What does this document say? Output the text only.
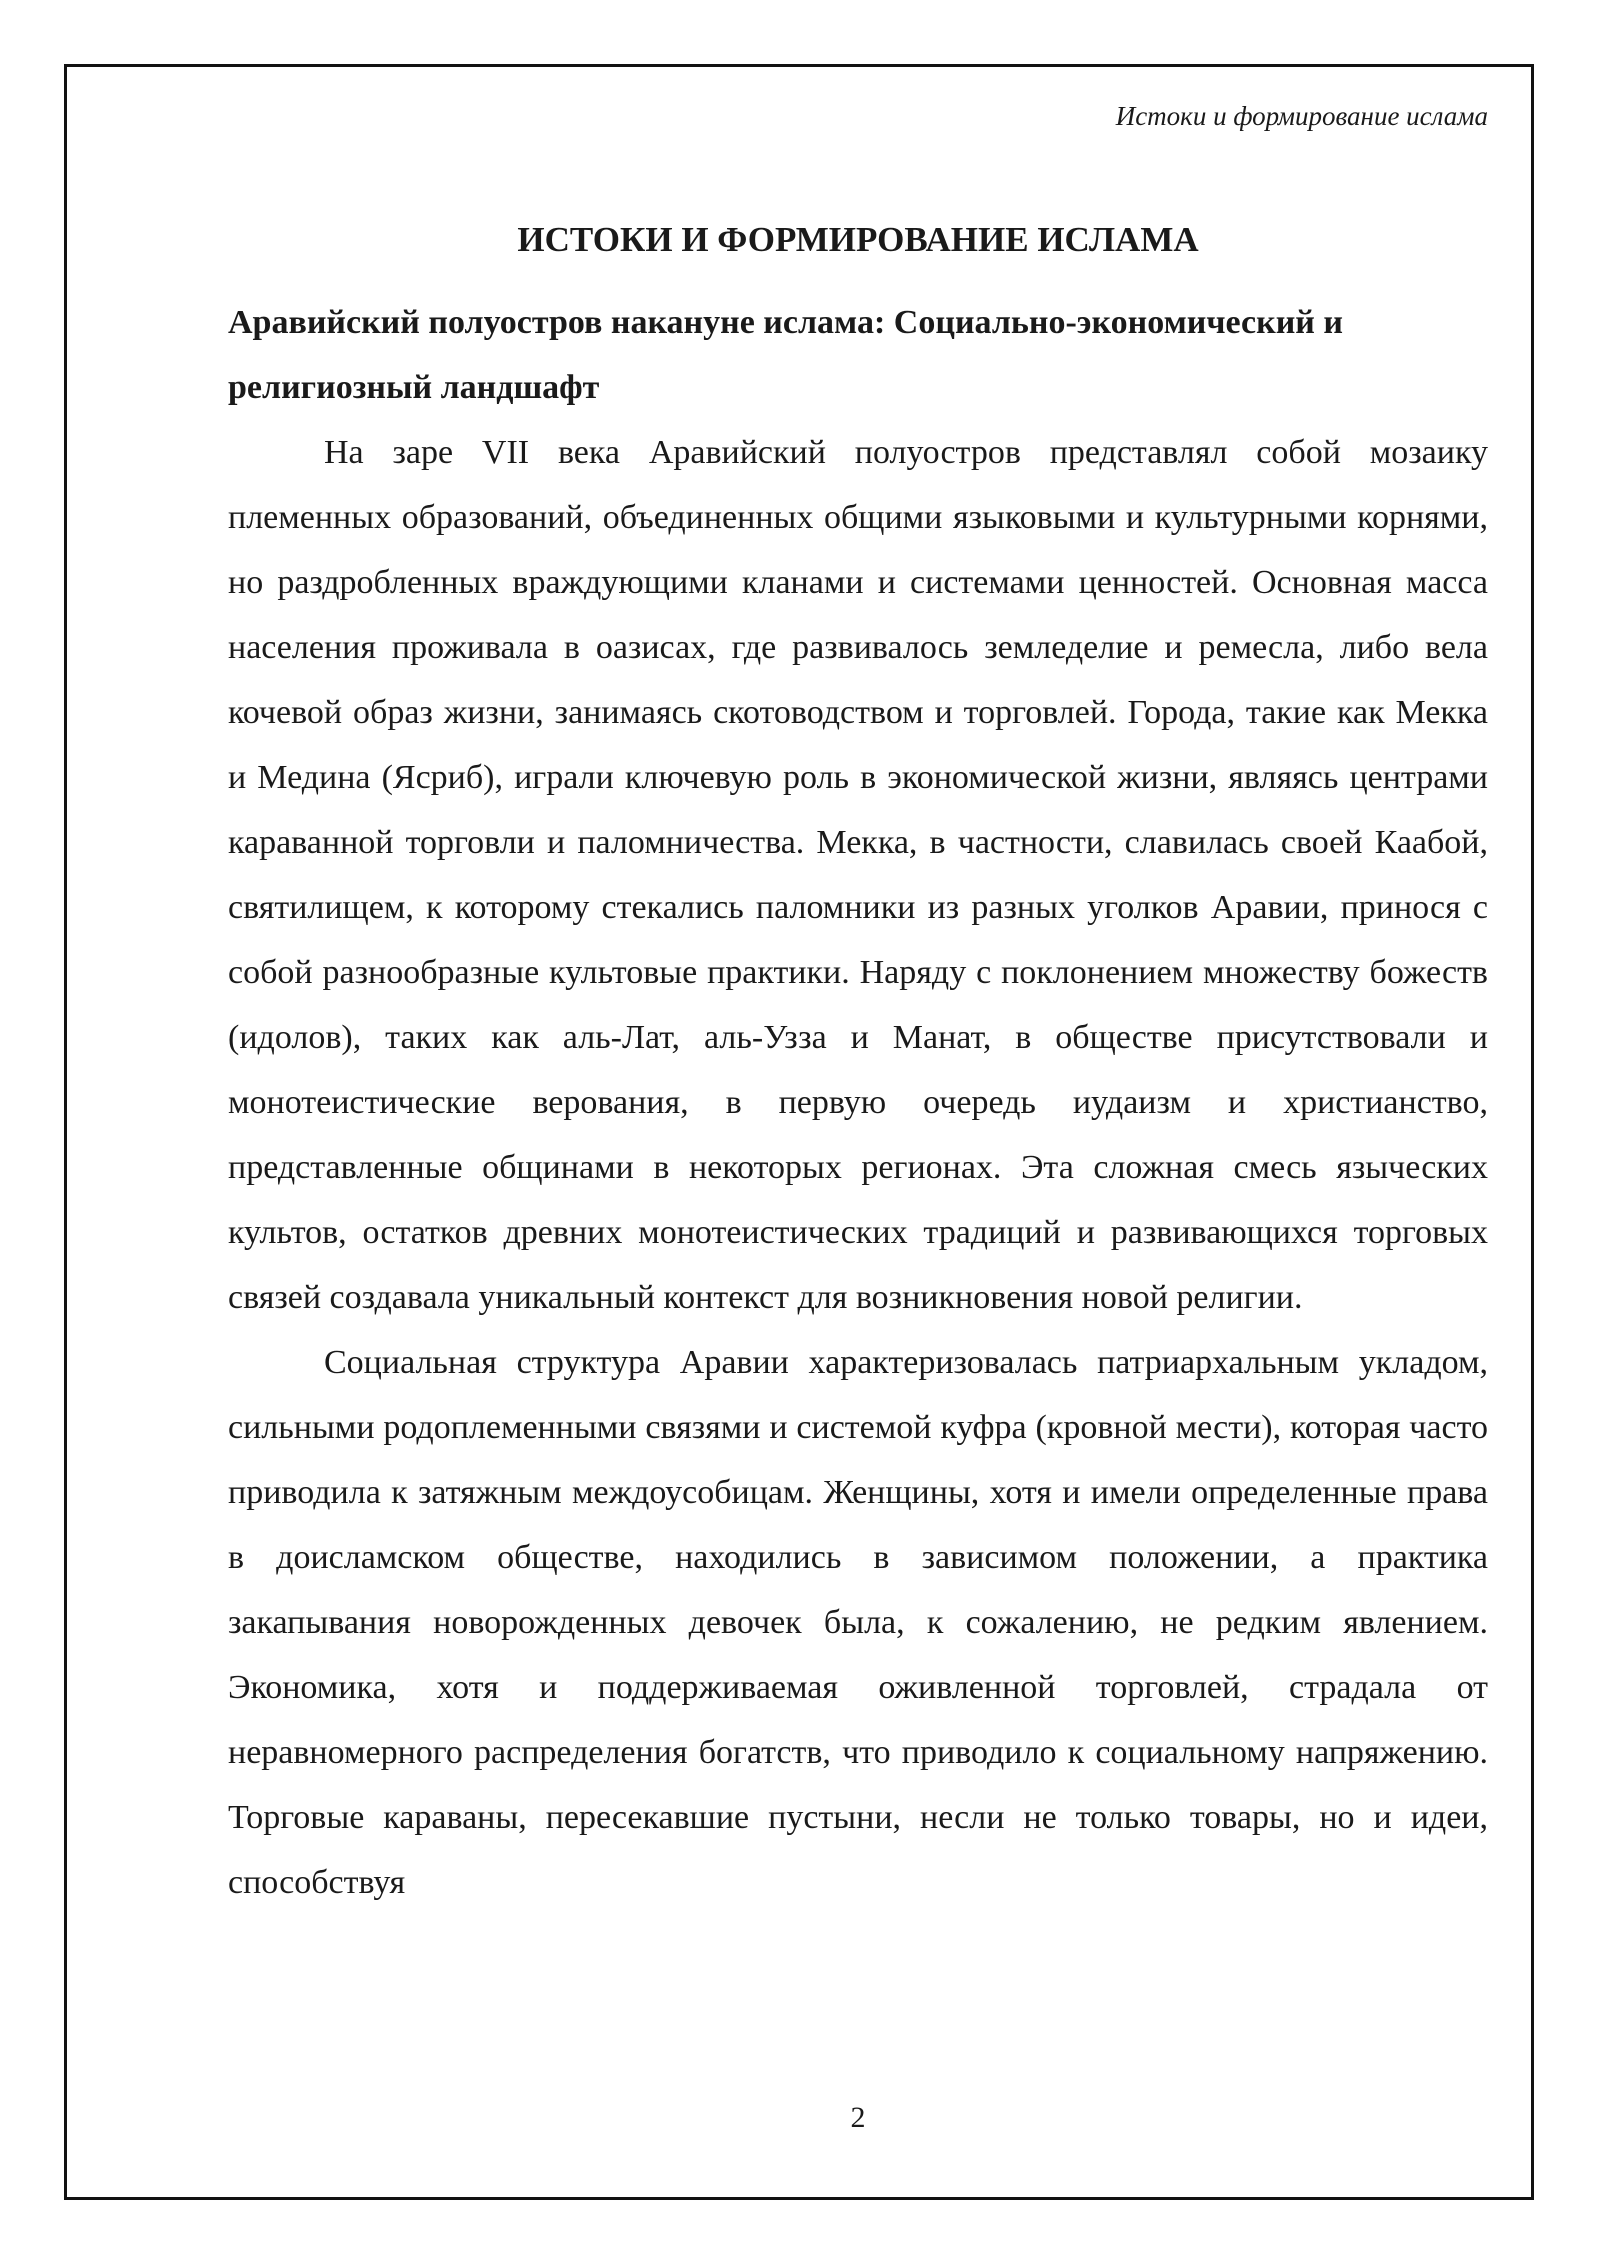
Истоки и формирование ислама
ИСТОКИ И ФОРМИРОВАНИЕ ИСЛАМА
Аравийский полуостров накануне ислама: Социально-экономический и религиозный ландшафт

На заре VII века Аравийский полуостров представлял собой мозаику племенных образований, объединенных общими языковыми и культурными корнями, но раздробленных враждующими кланами и системами ценностей. Основная масса населения проживала в оазисах, где развивалось земледелие и ремесла, либо вела кочевой образ жизни, занимаясь скотоводством и торговлей. Города, такие как Мекка и Медина (Ясриб), играли ключевую роль в экономической жизни, являясь центрами караванной торговли и паломничества. Мекка, в частности, славилась своей Каабой, святилищем, к которому стекались паломники из разных уголков Аравии, принося с собой разнообразные культовые практики. Наряду с поклонением множеству божеств (идолов), таких как аль-Лат, аль-Узза и Манат, в обществе присутствовали и монотеистические верования, в первую очередь иудаизм и христианство, представленные общинами в некоторых регионах. Эта сложная смесь языческих культов, остатков древних монотеистических традиций и развивающихся торговых связей создавала уникальный контекст для возникновения новой религии.

Социальная структура Аравии характеризовалась патриархальным укладом, сильными родоплеменными связями и системой куфра (кровной мести), которая часто приводила к затяжным междоусобицам. Женщины, хотя и имели определенные права в доисламском обществе, находились в зависимом положении, а практика закапывания новорожденных девочек была, к сожалению, не редким явлением. Экономика, хотя и поддерживаемая оживленной торговлей, страдала от неравномерного распределения богатств, что приводило к социальному напряжению. Торговые караваны, пересекавшие пустыни, несли не только товары, но и идеи, способствуя

2
